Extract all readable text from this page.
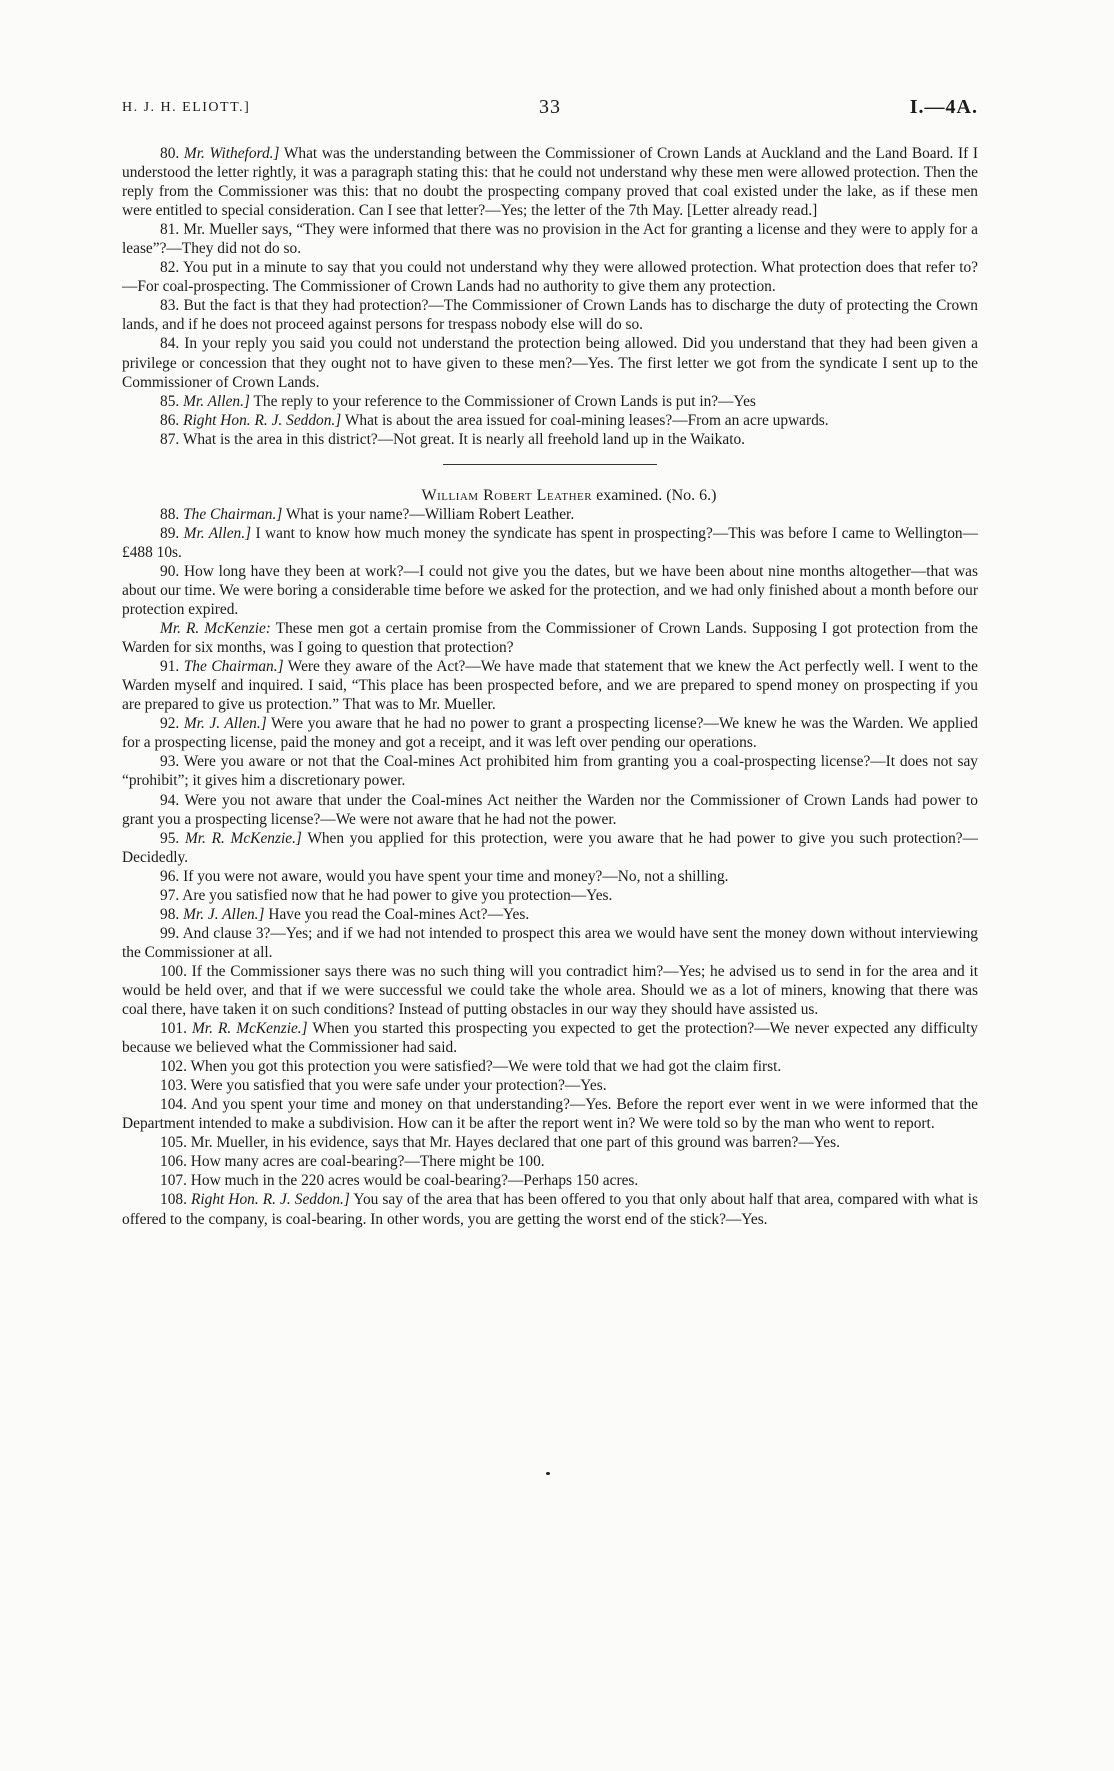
H. J. H. ELIOTT.]	33	I.—4A.

80. Mr. Witheford.] What was the understanding between the Commissioner of Crown Lands at Auckland and the Land Board. If I understood the letter rightly, it was a paragraph stating this: that he could not understand why these men were allowed protection. Then the reply from the Commissioner was this: that no doubt the prospecting company proved that coal existed under the lake, as if these men were entitled to special consideration. Can I see that letter?—Yes; the letter of the 7th May. [Letter already read.]

81. Mr. Mueller says, “They were informed that there was no provision in the Act for granting a license and they were to apply for a lease”?—They did not do so.

82. You put in a minute to say that you could not understand why they were allowed protection. What protection does that refer to?—For coal-prospecting. The Commissioner of Crown Lands had no authority to give them any protection.

83. But the fact is that they had protection?—The Commissioner of Crown Lands has to discharge the duty of protecting the Crown lands, and if he does not proceed against persons for trespass nobody else will do so.

84. In your reply you said you could not understand the protection being allowed. Did you understand that they had been given a privilege or concession that they ought not to have given to these men?—Yes. The first letter we got from the syndicate I sent up to the Commissioner of Crown Lands.

85. Mr. Allen.] The reply to your reference to the Commissioner of Crown Lands is put in?—Yes

86. Right Hon. R. J. Seddon.] What is about the area issued for coal-mining leases?—From an acre upwards.

87. What is the area in this district?—Not great. It is nearly all freehold land up in the Waikato.

William Robert Leather examined. (No. 6.)

88. The Chairman.] What is your name?—William Robert Leather.

89. Mr. Allen.] I want to know how much money the syndicate has spent in prospecting?—This was before I came to Wellington—£488 10s.

90. How long have they been at work?—I could not give you the dates, but we have been about nine months altogether—that was about our time. We were boring a considerable time before we asked for the protection, and we had only finished about a month before our protection expired.

Mr. R. McKenzie: These men got a certain promise from the Commissioner of Crown Lands. Supposing I got protection from the Warden for six months, was I going to question that protection?

91. The Chairman.] Were they aware of the Act?—We have made that statement that we knew the Act perfectly well. I went to the Warden myself and inquired. I said, “This place has been prospected before, and we are prepared to spend money on prospecting if you are prepared to give us protection.” That was to Mr. Mueller.

92. Mr. J. Allen.] Were you aware that he had no power to grant a prospecting license?—We knew he was the Warden. We applied for a prospecting license, paid the money and got a receipt, and it was left over pending our operations.

93. Were you aware or not that the Coal-mines Act prohibited him from granting you a coal-prospecting license?—It does not say “prohibit”; it gives him a discretionary power.

94. Were you not aware that under the Coal-mines Act neither the Warden nor the Commissioner of Crown Lands had power to grant you a prospecting license?—We were not aware that he had not the power.

95. Mr. R. McKenzie.] When you applied for this protection, were you aware that he had power to give you such protection?—Decidedly.

96. If you were not aware, would you have spent your time and money?—No, not a shilling.

97. Are you satisfied now that he had power to give you protection—Yes.

98. Mr. J. Allen.] Have you read the Coal-mines Act?—Yes.

99. And clause 3?—Yes; and if we had not intended to prospect this area we would have sent the money down without interviewing the Commissioner at all.

100. If the Commissioner says there was no such thing will you contradict him?—Yes; he advised us to send in for the area and it would be held over, and that if we were successful we could take the whole area. Should we as a lot of miners, knowing that there was coal there, have taken it on such conditions? Instead of putting obstacles in our way they should have assisted us.

101. Mr. R. McKenzie.] When you started this prospecting you expected to get the protection?—We never expected any difficulty because we believed what the Commissioner had said.

102. When you got this protection you were satisfied?—We were told that we had got the claim first.

103. Were you satisfied that you were safe under your protection?—Yes.

104. And you spent your time and money on that understanding?—Yes. Before the report ever went in we were informed that the Department intended to make a subdivision. How can it be after the report went in? We were told so by the man who went to report.

105. Mr. Mueller, in his evidence, says that Mr. Hayes declared that one part of this ground was barren?—Yes.

106. How many acres are coal-bearing?—There might be 100.

107. How much in the 220 acres would be coal-bearing?—Perhaps 150 acres.

108. Right Hon. R. J. Seddon.] You say of the area that has been offered to you that only about half that area, compared with what is offered to the company, is coal-bearing. In other words, you are getting the worst end of the stick?—Yes.
